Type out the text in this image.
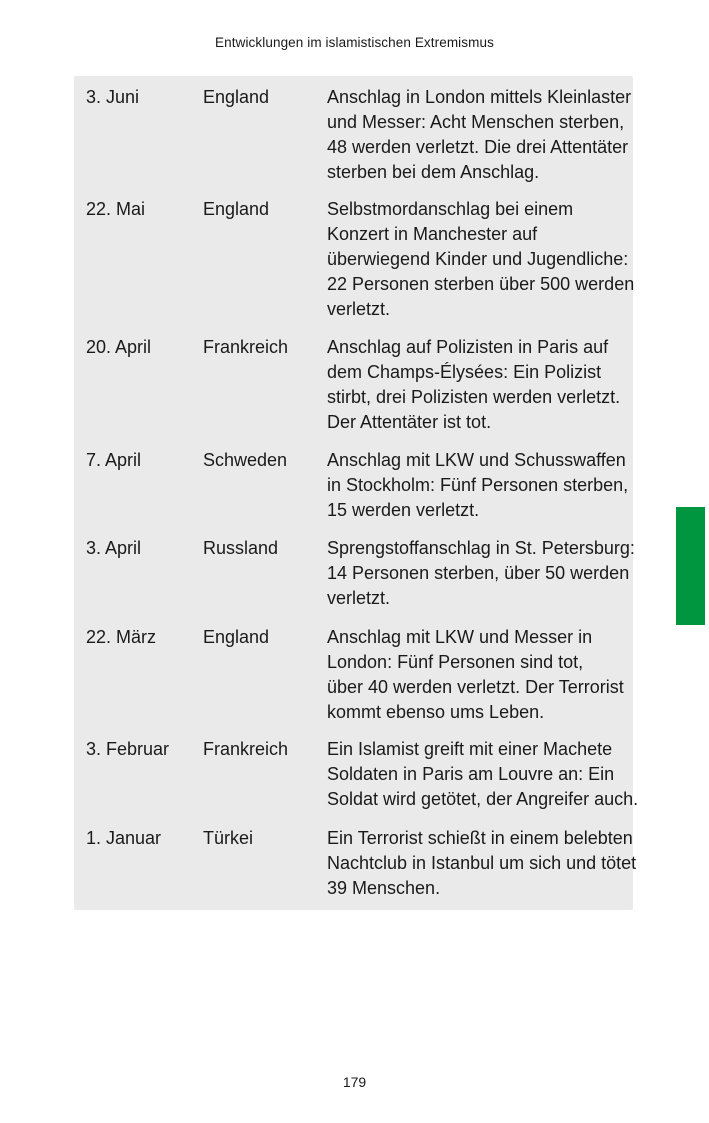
Entwicklungen im islamistischen Extremismus
3. Juni	England	Anschlag in London mittels Kleinlaster
und Messer: Acht Menschen sterben,
48 werden verletzt. Die drei Attentäter
sterben bei dem Anschlag.
22. Mai	England	Selbstmordanschlag bei einem
Konzert in Manchester auf
überwiegend Kinder und Jugendliche:
22 Personen sterben über 500 werden
verletzt.
20. April	Frankreich	Anschlag auf Polizisten in Paris auf
dem Champs-Élysées: Ein Polizist
stirbt, drei Polizisten werden verletzt.
Der Attentäter ist tot.
7. April	Schweden	Anschlag mit LKW und Schusswaffen
in Stockholm: Fünf Personen sterben,
15 werden verletzt.
3. April	Russland	Sprengstoffanschlag in St. Petersburg:
14 Personen sterben, über 50 werden
verletzt.
22. März	England	Anschlag mit LKW und Messer in
London: Fünf Personen sind tot,
über 40 werden verletzt. Der Terrorist
kommt ebenso ums Leben.
3. Februar	Frankreich	Ein Islamist greift mit einer Machete
Soldaten in Paris am Louvre an: Ein
Soldat wird getötet, der Angreifer auch.
1. Januar	Türkei	Ein Terrorist schießt in einem belebten
Nachtclub in Istanbul um sich und tötet
39 Menschen.
179
